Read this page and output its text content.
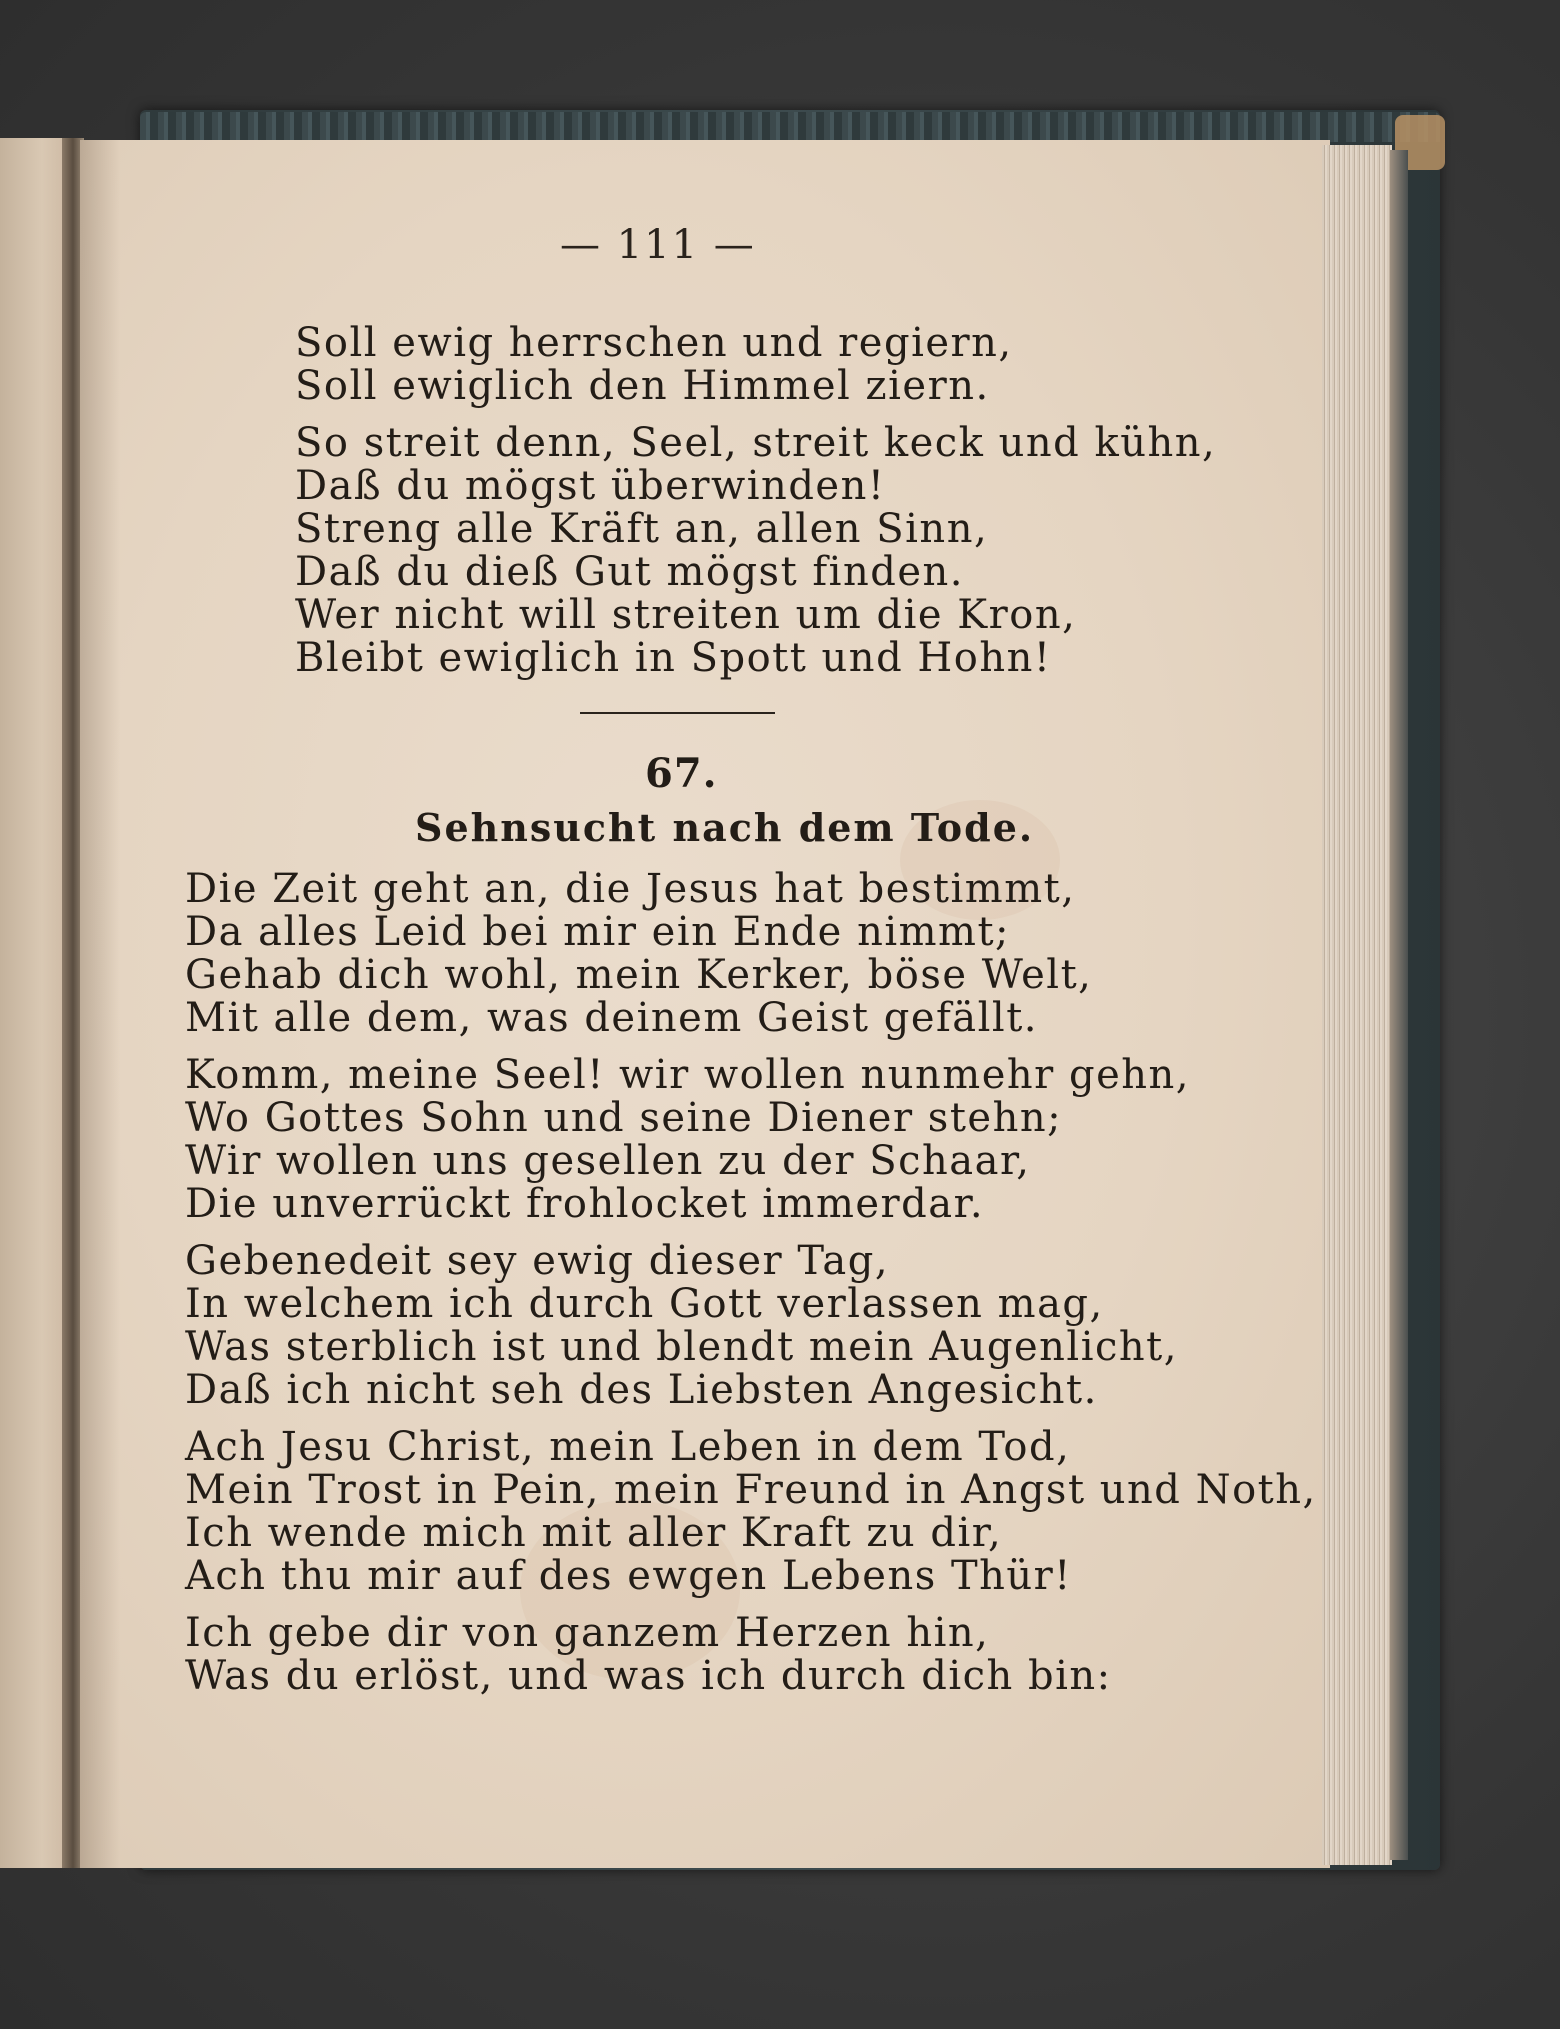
— 111 —
Soll ewig herrschen und regiern,
Soll ewiglich den Himmel ziern.
So streit denn, Seel, streit keck und kühn,
Daß du mögst überwinden!
Streng alle Kräft an, allen Sinn,
Daß du dieß Gut mögst finden.
Wer nicht will streiten um die Kron,
Bleibt ewiglich in Spott und Hohn!
67.
Sehnsucht nach dem Tode.
Die Zeit geht an, die Jesus hat bestimmt,
Da alles Leid bei mir ein Ende nimmt;
Gehab dich wohl, mein Kerker, böse Welt,
Mit alle dem, was deinem Geist gefällt.
Komm, meine Seel! wir wollen nunmehr gehn,
Wo Gottes Sohn und seine Diener stehn;
Wir wollen uns gesellen zu der Schaar,
Die unverrückt frohlocket immerdar.
Gebenedeit sey ewig dieser Tag,
In welchem ich durch Gott verlassen mag,
Was sterblich ist und blendt mein Augenlicht,
Daß ich nicht seh des Liebsten Angesicht.
Ach Jesu Christ, mein Leben in dem Tod,
Mein Trost in Pein, mein Freund in Angst und Noth,
Ich wende mich mit aller Kraft zu dir,
Ach thu mir auf des ewgen Lebens Thür!
Ich gebe dir von ganzem Herzen hin,
Was du erlöst, und was ich durch dich bin:
